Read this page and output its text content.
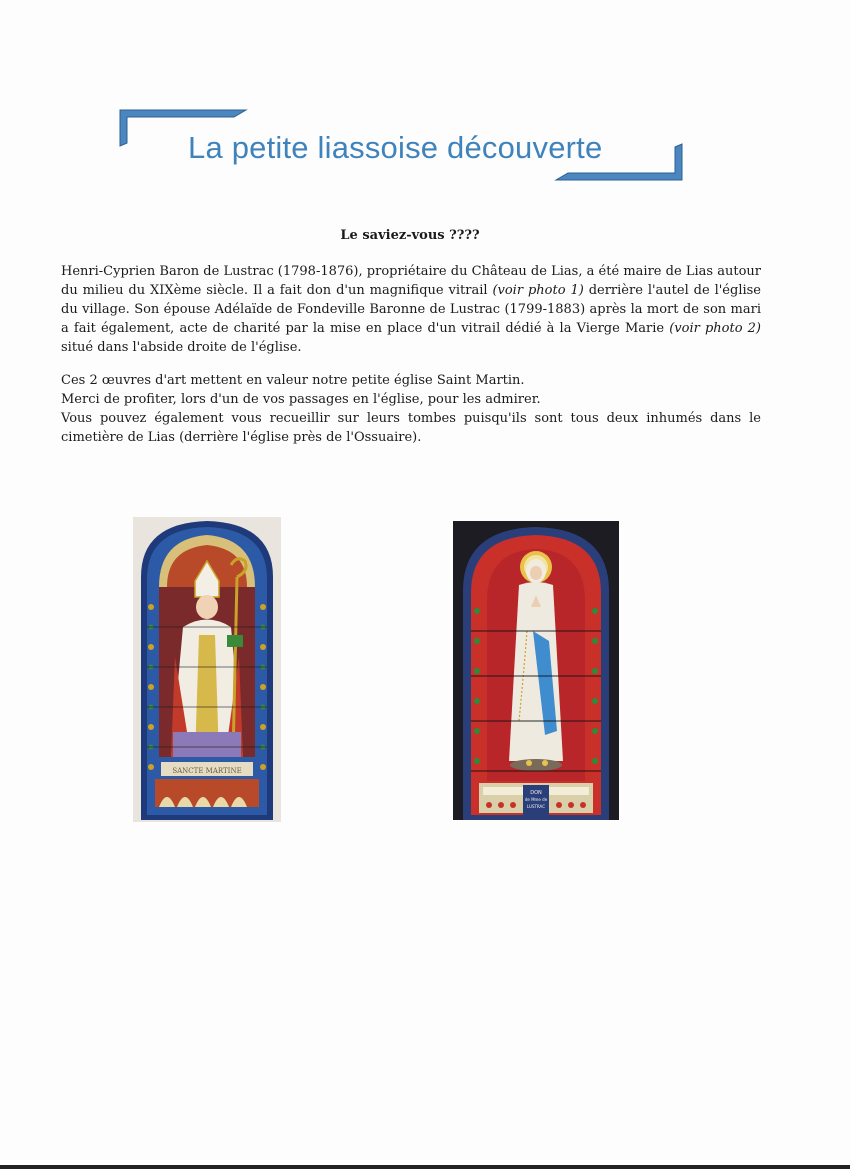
La petite liassoise découverte
Le saviez-vous ????
Henri-Cyprien Baron de Lustrac (1798-1876), propriétaire du Château de Lias, a été maire de Lias autour du milieu du XIXème siècle. Il a fait don d'un magnifique vitrail (voir photo 1) derrière l'autel de l'église du village. Son épouse Adélaïde de Fondeville Baronne de Lustrac (1799-1883) après la mort de son mari a fait également, acte de charité par la mise en place d'un vitrail dédié à la Vierge Marie (voir photo 2) situé dans l'abside droite de l'église.
Ces 2 œuvres d'art mettent en valeur notre petite église Saint Martin.
Merci de profiter, lors d'un de vos passages en l'église, pour les admirer.
Vous pouvez également vous recueillir sur leurs tombes puisqu'ils sont tous deux inhumés dans le cimetière de Lias (derrière l'église près de l'Ossuaire).
SANCTE MARTINE
DON
de Mme de
LUSTRAC
